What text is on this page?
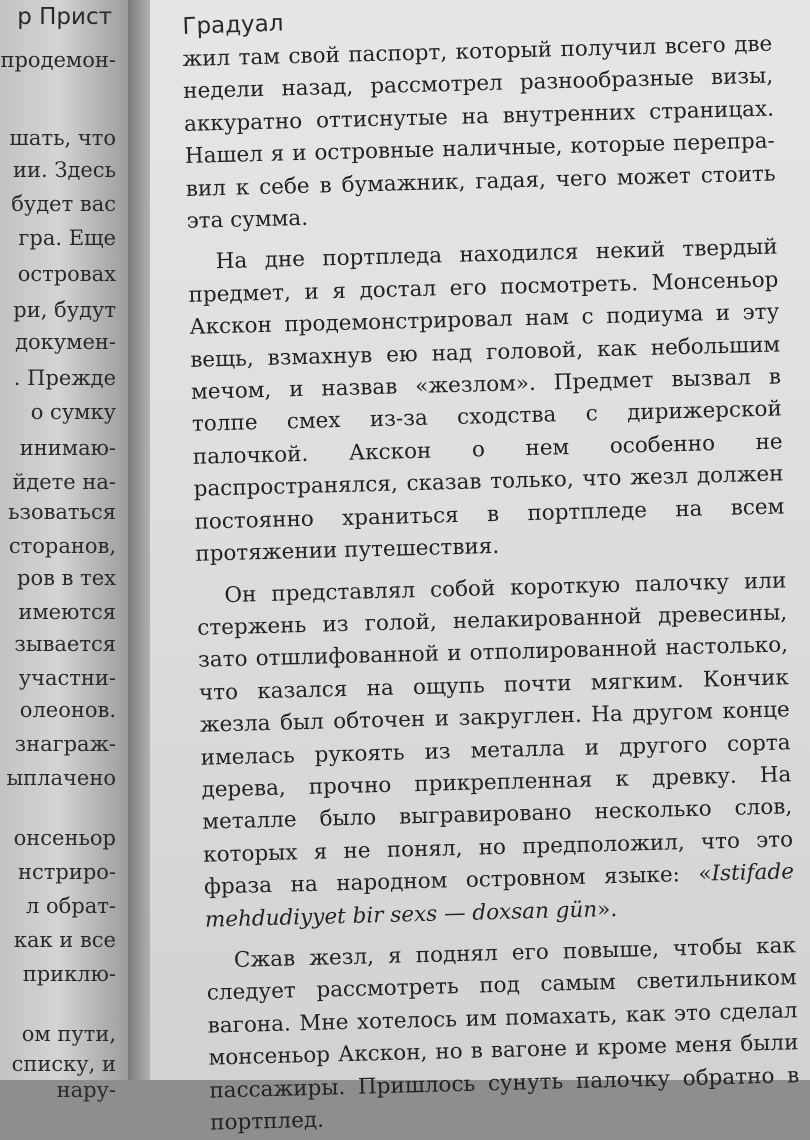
р Прист
продемон-
шать, что
ии. Здесь
будет вас
гра. Еще
островах
ри, будут
докумен-
. Прежде
о сумку
инимаю-
йдете на-
ьзоваться
сторанов,
ров в тех
имеются
зывается
участни-
олеонов.
знаграж-
ыплачено
онсеньор
нстриро-
л обрат-
как и все
приклю-
ом пути,
списку, и
нару-
Градуал

жил там свой паспорт, который получил всего две недели назад, рассмотрел разнообразные визы, аккуратно оттиснутые на внутренних страницах. Нашел я и островные наличные, которые переправил к себе в бумажник, гадая, чего может стоить эта сумма.

На дне портпледа находился некий твердый предмет, и я достал его посмотреть. Монсеньор Акскон продемонстрировал нам с подиума и эту вещь, взмахнув ею над головой, как небольшим мечом, и назвав «жезлом». Предмет вызвал в толпе смех из-за сходства с дирижерской палочкой. Акскон о нем особенно не распространялся, сказав только, что жезл должен постоянно храниться в портпледе на всем протяжении путешествия.

Он представлял собой короткую палочку или стержень из голой, нелакированной древесины, зато отшлифованной и отполированной настолько, что казался на ощупь почти мягким. Кончик жезла был обточен и закруглен. На другом конце имелась рукоять из металла и другого сорта дерева, прочно прикрепленная к древку. На металле было выгравировано несколько слов, которых я не понял, но предположил, что это фраза на народном островном языке: «Istifade mehdudiyyet bir sexs — doxsan gün».

Сжав жезл, я поднял его повыше, чтобы как следует рассмотреть под самым светильником вагона. Мне хотелось им помахать, как это сделал монсеньор Акскон, но в вагоне и кроме меня были пассажиры. Пришлось сунуть палочку обратно в портплед.
